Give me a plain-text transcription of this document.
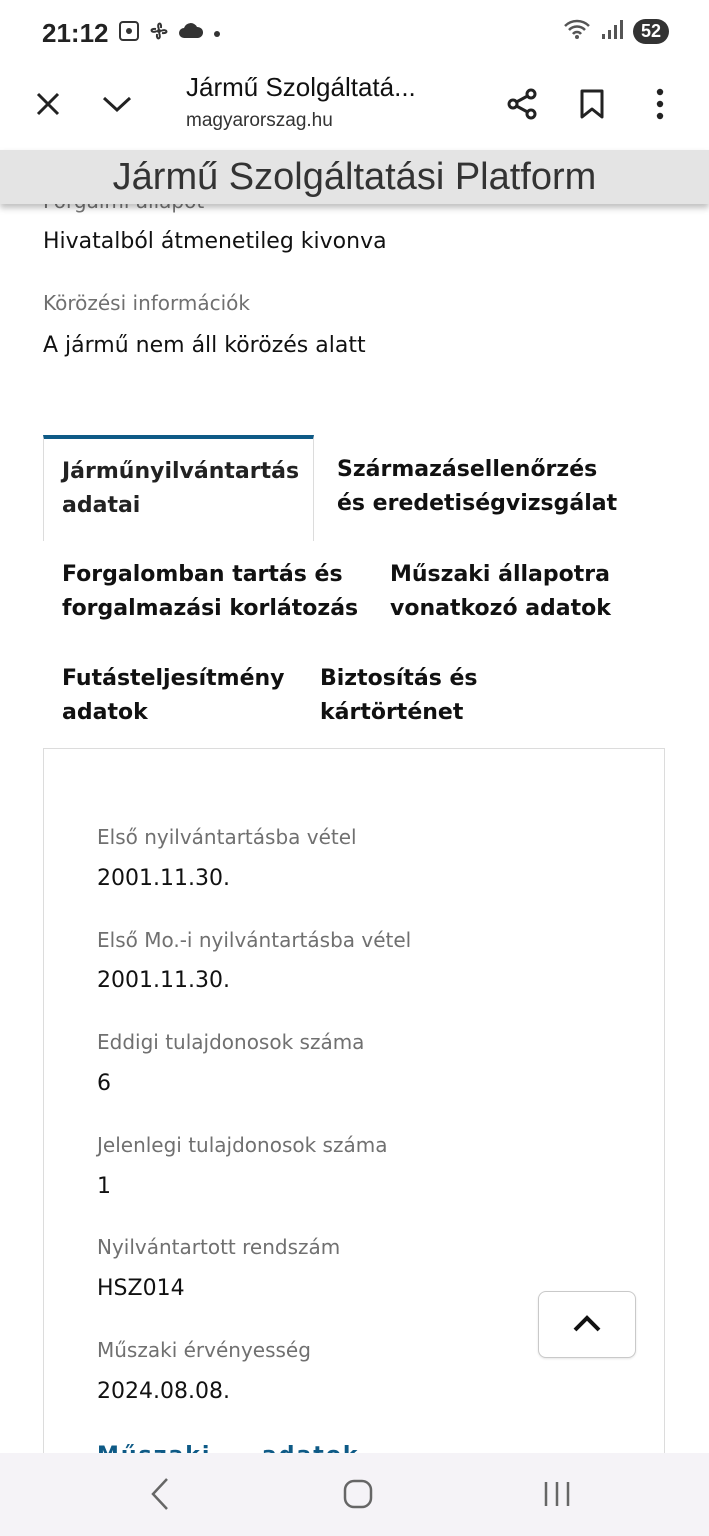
21:12	52
Jármű Szolgáltatá...
magyarorszag.hu
Jármű Szolgáltatási Platform
Hivatalból átmenetileg kivonva
Körözési információk
A jármű nem áll körözés alatt
Járműnyilvántartás
adatai
Származásellenőrzés
és eredetiségvizsgálat
Forgalomban tartás és
forgalmazási korlátozás
Műszaki állapotra
vonatkozó adatok
Futásteljesítmény
adatok
Biztosítás és
kártörténet
Első nyilvántartásba vétel
2001.11.30.
Első Mo.-i nyilvántartásba vétel
2001.11.30.
Eddigi tulajdonosok száma
6
Jelenlegi tulajdonosok száma
1
Nyilvántartott rendszám
HSZ014
Műszaki érvényesség
2024.08.08.
